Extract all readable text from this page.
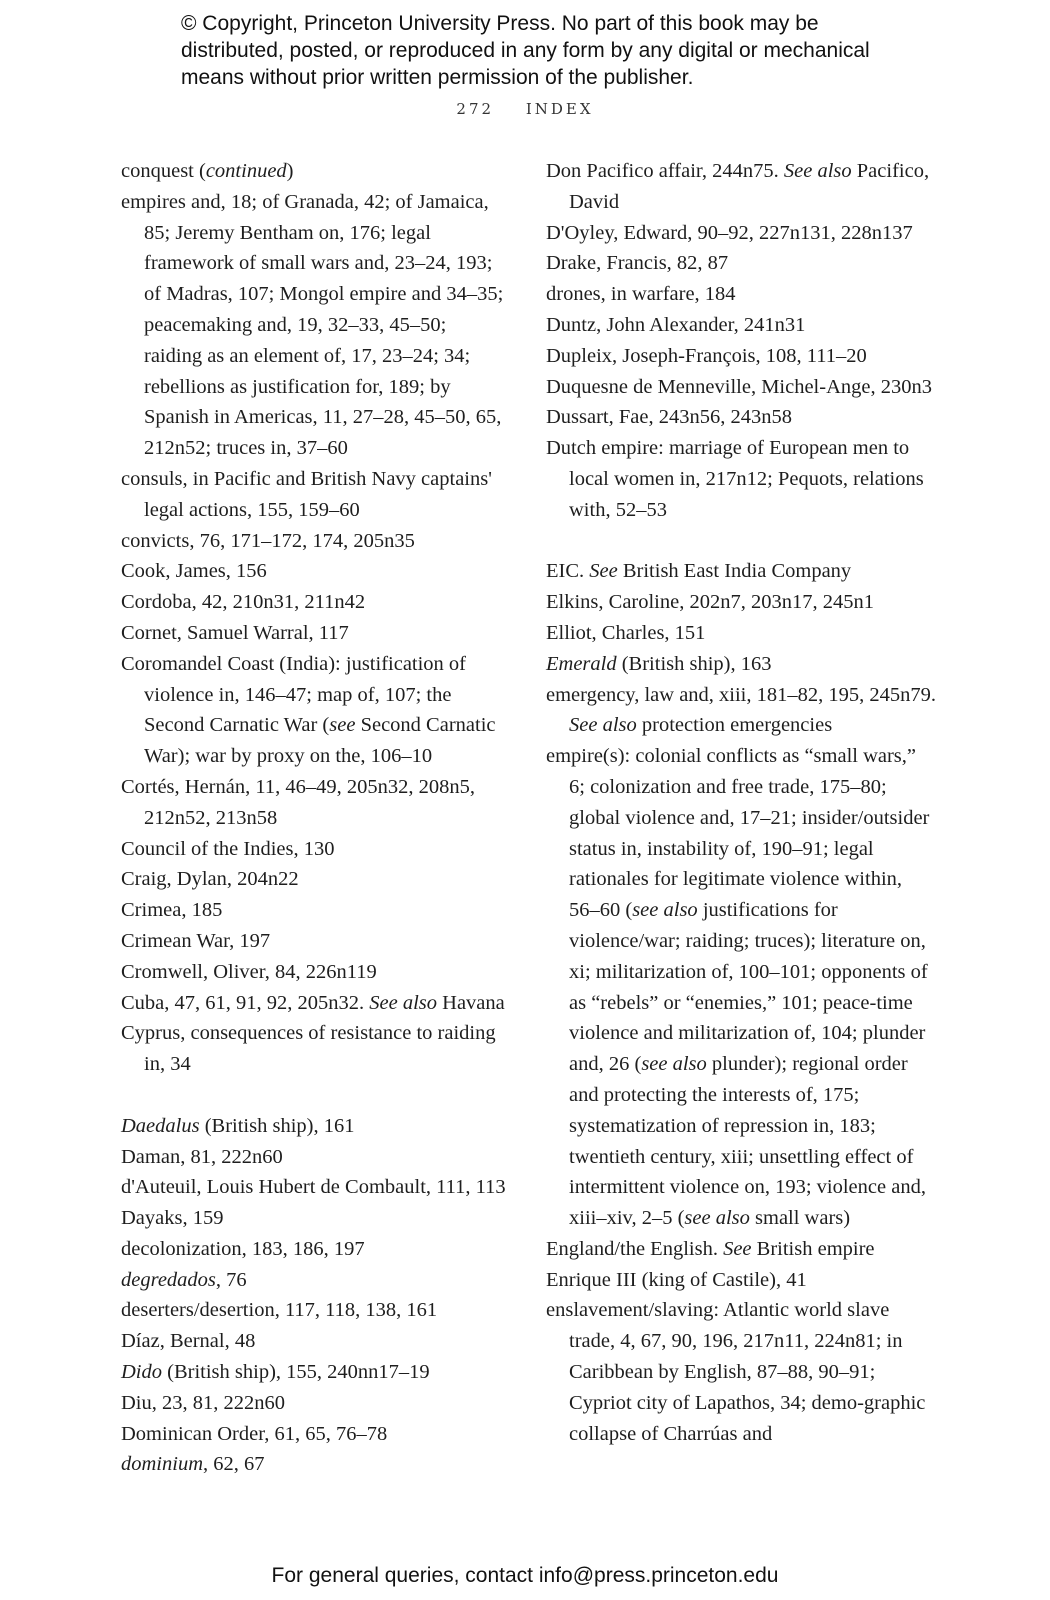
© Copyright, Princeton University Press. No part of this book may be distributed, posted, or reproduced in any form by any digital or mechanical means without prior written permission of the publisher.
272 INDEX
conquest (continued)
empires and, 18; of Granada, 42; of Jamaica, 85; Jeremy Bentham on, 176; legal framework of small wars and, 23–24, 193; of Madras, 107; Mongol empire and 34–35; peacemaking and, 19, 32–33, 45–50; raiding as an element of, 17, 23–24; 34; rebellions as justification for, 189; by Spanish in Americas, 11, 27–28, 45–50, 65, 212n52; truces in, 37–60
consuls, in Pacific and British Navy captains' legal actions, 155, 159–60
convicts, 76, 171–172, 174, 205n35
Cook, James, 156
Cordoba, 42, 210n31, 211n42
Cornet, Samuel Warral, 117
Coromandel Coast (India): justification of violence in, 146–47; map of, 107; the Second Carnatic War (see Second Carnatic War); war by proxy on the, 106–10
Cortés, Hernán, 11, 46–49, 205n32, 208n5, 212n52, 213n58
Council of the Indies, 130
Craig, Dylan, 204n22
Crimea, 185
Crimean War, 197
Cromwell, Oliver, 84, 226n119
Cuba, 47, 61, 91, 92, 205n32. See also Havana
Cyprus, consequences of resistance to raiding in, 34
Daedalus (British ship), 161
Daman, 81, 222n60
d'Auteuil, Louis Hubert de Combault, 111, 113
Dayaks, 159
decolonization, 183, 186, 197
degredados, 76
deserters/desertion, 117, 118, 138, 161
Díaz, Bernal, 48
Dido (British ship), 155, 240nn17–19
Diu, 23, 81, 222n60
Dominican Order, 61, 65, 76–78
dominium, 62, 67
Don Pacifico affair, 244n75. See also Pacifico, David
D'Oyley, Edward, 90–92, 227n131, 228n137
Drake, Francis, 82, 87
drones, in warfare, 184
Duntz, John Alexander, 241n31
Dupleix, Joseph-François, 108, 111–20
Duquesne de Menneville, Michel-Ange, 230n3
Dussart, Fae, 243n56, 243n58
Dutch empire: marriage of European men to local women in, 217n12; Pequots, relations with, 52–53
EIC. See British East India Company
Elkins, Caroline, 202n7, 203n17, 245n1
Elliot, Charles, 151
Emerald (British ship), 163
emergency, law and, xiii, 181–82, 195, 245n79. See also protection emergencies
empire(s): colonial conflicts as “small wars,” 6; colonization and free trade, 175–80; global violence and, 17–21; insider/outsider status in, instability of, 190–91; legal rationales for legitimate violence within, 56–60 (see also justifications for violence/war; raiding; truces); literature on, xi; militarization of, 100–101; opponents of as “rebels” or “enemies,” 101; peace-time violence and militarization of, 104; plunder and, 26 (see also plunder); regional order and protecting the interests of, 175; systematization of repression in, 183; twentieth century, xiii; unsettling effect of intermittent violence on, 193; violence and, xiii–xiv, 2–5 (see also small wars)
England/the English. See British empire
Enrique III (king of Castile), 41
enslavement/slaving: Atlantic world slave trade, 4, 67, 90, 196, 217n11, 224n81; in Caribbean by English, 87–88, 90–91; Cypriot city of Lapathos, 34; demo-graphic collapse of Charrúas and
For general queries, contact info@press.princeton.edu
